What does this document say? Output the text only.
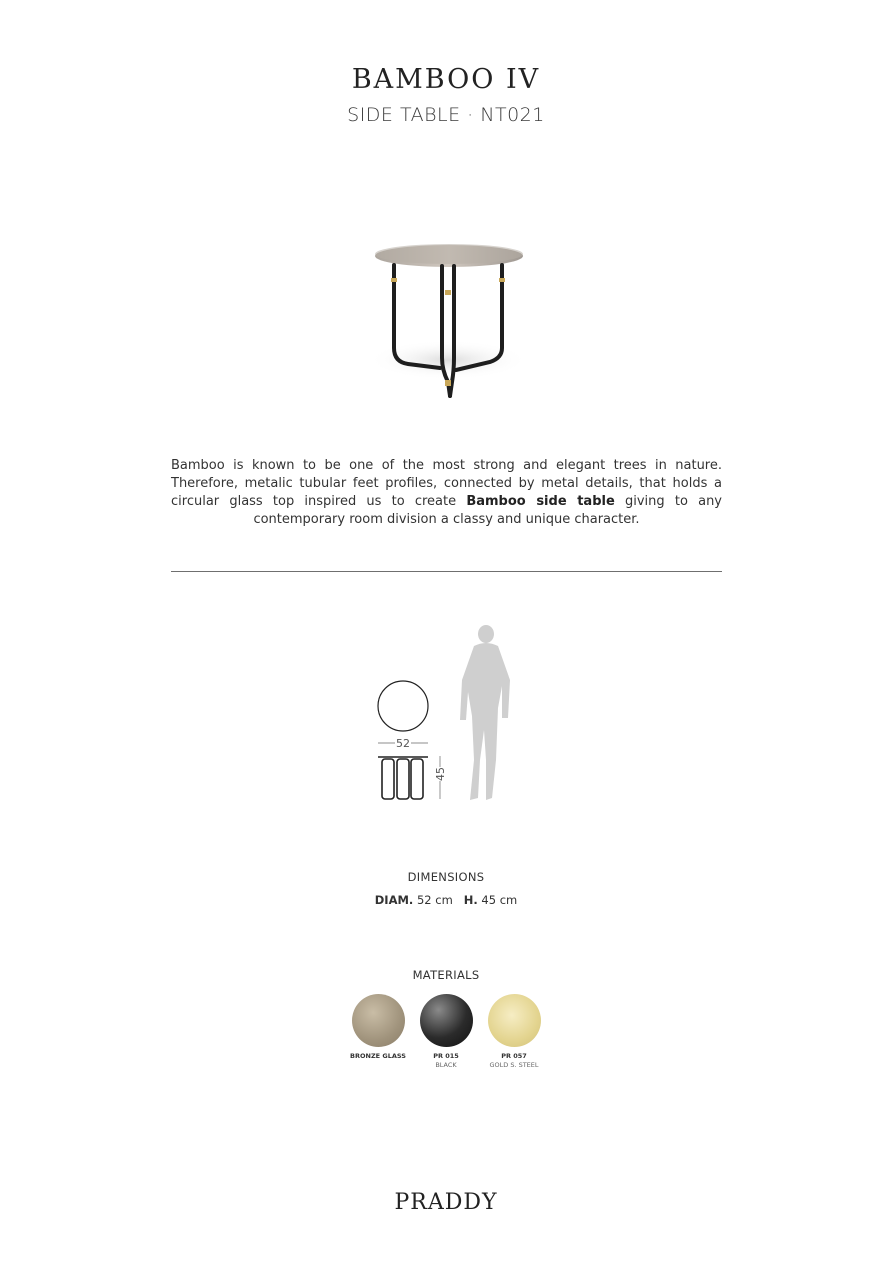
BAMBOO IV
SIDE TABLE · NT021
Bamboo is known to be one of the most strong and elegant trees in nature. Therefore, metalic tubular feet profiles, connected by metal details, that holds a circular glass top inspired us to create Bamboo side table giving to any contemporary room division a classy and unique character.
52
45
DIMENSIONS
DIAM. 52 cm H. 45 cm
MATERIALS
BRONZE GLASS	PR 015
BLACK
PR 057
GOLD S. STEEL
PRADDY
